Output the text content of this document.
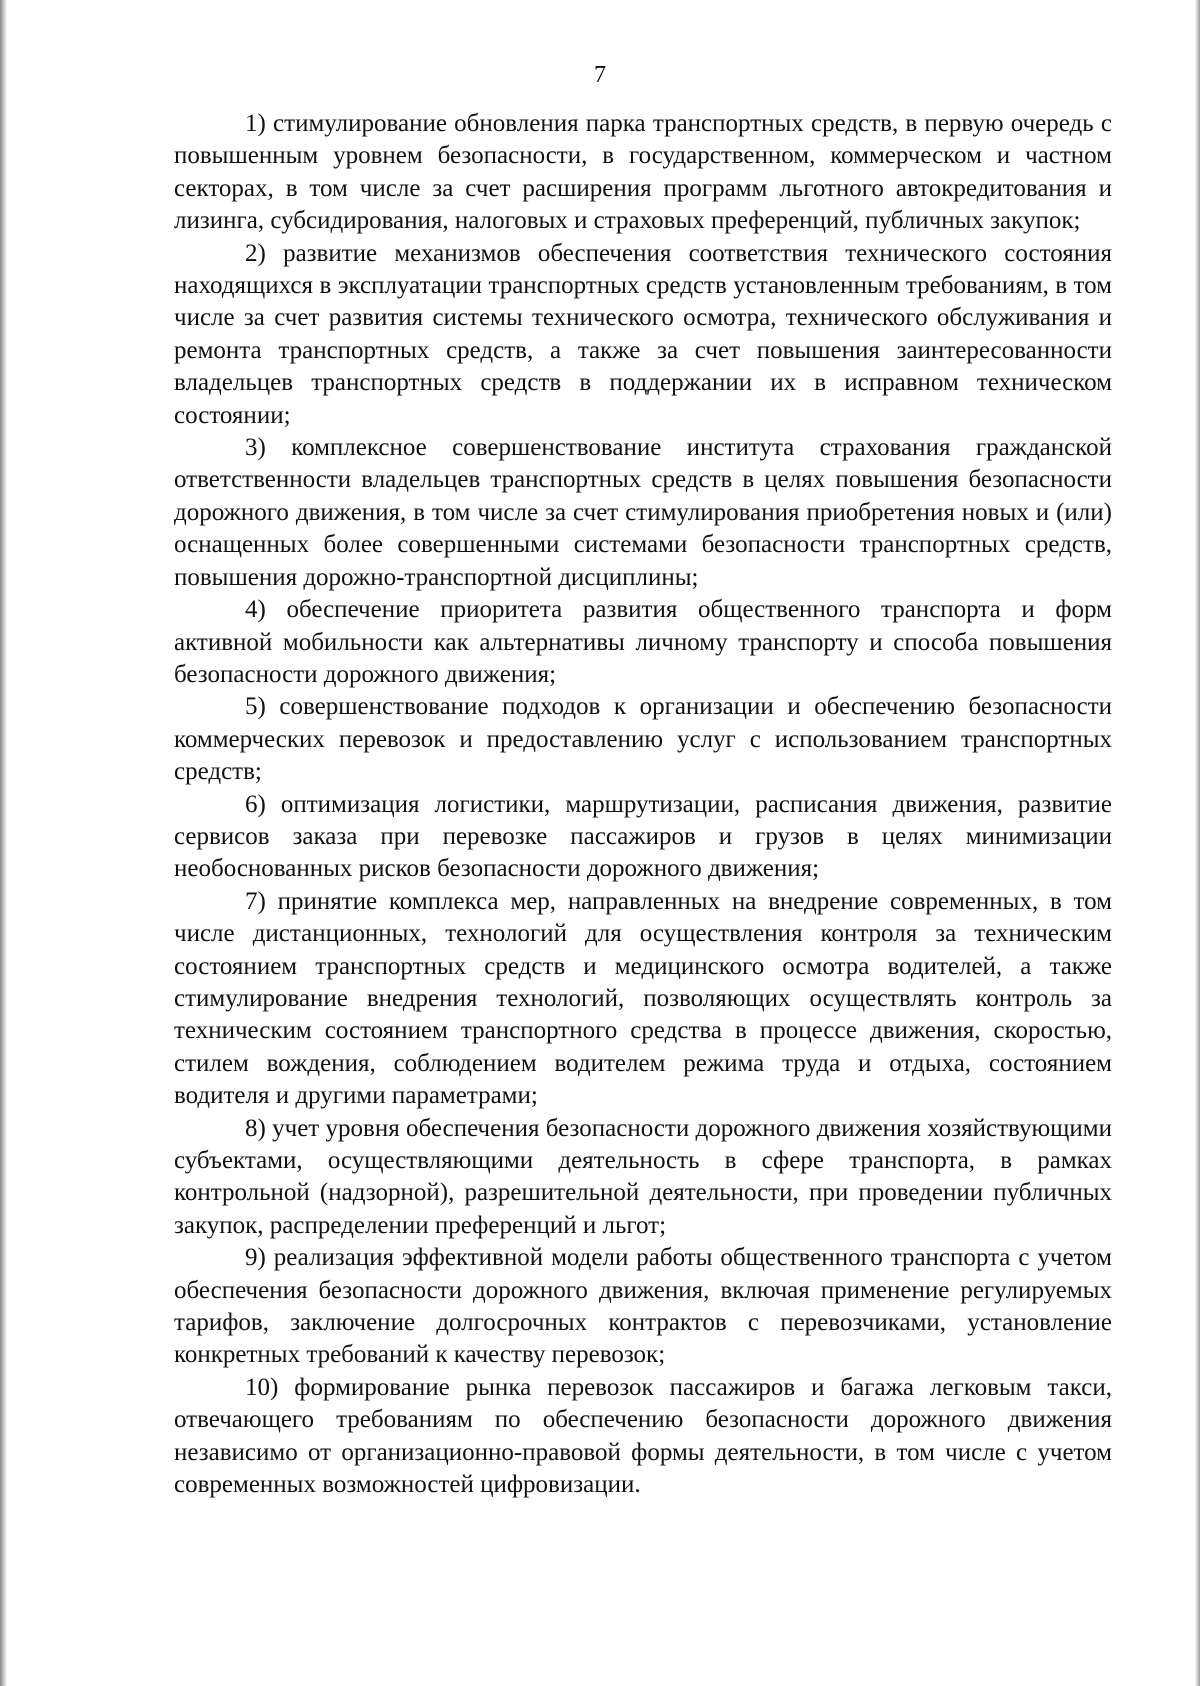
7

1) стимулирование обновления парка транспортных средств, в первую очередь с повышенным уровнем безопасности, в государственном, коммерческом и частном секторах, в том числе за счет расширения программ льготного автокредитования и лизинга, субсидирования, налоговых и страховых преференций, публичных закупок;

2) развитие механизмов обеспечения соответствия технического состояния находящихся в эксплуатации транспортных средств установленным требованиям, в том числе за счет развития системы технического осмотра, технического обслуживания и ремонта транспортных средств, а также за счет повышения заинтересованности владельцев транспортных средств в поддержании их в исправном техническом состоянии;

3) комплексное совершенствование института страхования гражданской ответственности владельцев транспортных средств в целях повышения безопасности дорожного движения, в том числе за счет стимулирования приобретения новых и (или) оснащенных более совершенными системами безопасности транспортных средств, повышения дорожно-транспортной дисциплины;

4) обеспечение приоритета развития общественного транспорта и форм активной мобильности как альтернативы личному транспорту и способа повышения безопасности дорожного движения;

5) совершенствование подходов к организации и обеспечению безопасности коммерческих перевозок и предоставлению услуг с использованием транспортных средств;

6) оптимизация логистики, маршрутизации, расписания движения, развитие сервисов заказа при перевозке пассажиров и грузов в целях минимизации необоснованных рисков безопасности дорожного движения;

7) принятие комплекса мер, направленных на внедрение современных, в том числе дистанционных, технологий для осуществления контроля за техническим состоянием транспортных средств и медицинского осмотра водителей, а также стимулирование внедрения технологий, позволяющих осуществлять контроль за техническим состоянием транспортного средства в процессе движения, скоростью, стилем вождения, соблюдением водителем режима труда и отдыха, состоянием водителя и другими параметрами;

8) учет уровня обеспечения безопасности дорожного движения хозяйствующими субъектами, осуществляющими деятельность в сфере транспорта, в рамках контрольной (надзорной), разрешительной деятельности, при проведении публичных закупок, распределении преференций и льгот;

9) реализация эффективной модели работы общественного транспорта с учетом обеспечения безопасности дорожного движения, включая применение регулируемых тарифов, заключение долгосрочных контрактов с перевозчиками, установление конкретных требований к качеству перевозок;

10) формирование рынка перевозок пассажиров и багажа легковым такси, отвечающего требованиям по обеспечению безопасности дорожного движения независимо от организационно-правовой формы деятельности, в том числе с учетом современных возможностей цифровизации.
